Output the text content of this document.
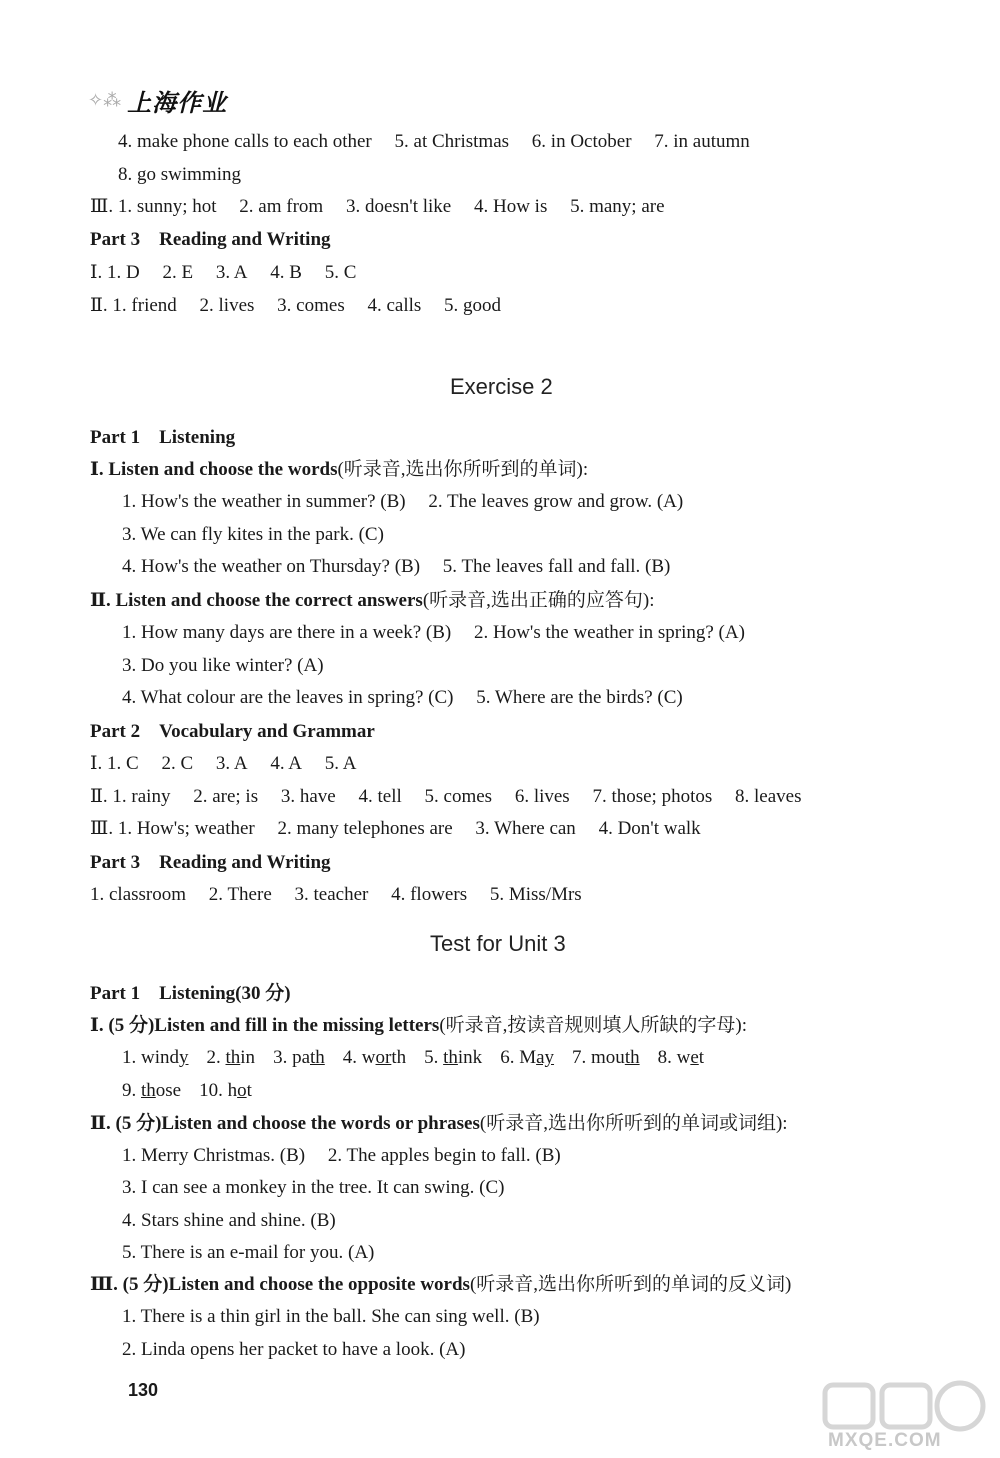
✧⁂ 上海作业
4. make phone calls to each other 5. at Christmas 6. in October 7. in autumn
8. go swimming
Ⅲ. 1. sunny; hot 2. am from 3. doesn't like 4. How is 5. many; are
Part 3　Reading and Writing
Ⅰ. 1. D 2. E 3. A 4. B 5. C
Ⅱ. 1. friend 2. lives 3. comes 4. calls 5. good
Exercise 2
Part 1　Listening
Ⅰ. Listen and choose the words(听录音,选出你所听到的单词):
1. How's the weather in summer? (B) 2. The leaves grow and grow. (A)
3. We can fly kites in the park. (C)
4. How's the weather on Thursday? (B) 5. The leaves fall and fall. (B)
Ⅱ. Listen and choose the correct answers(听录音,选出正确的应答句):
1. How many days are there in a week? (B) 2. How's the weather in spring? (A)
3. Do you like winter? (A)
4. What colour are the leaves in spring? (C) 5. Where are the birds? (C)
Part 2　Vocabulary and Grammar
Ⅰ. 1. C 2. C 3. A 4. A 5. A
Ⅱ. 1. rainy 2. are; is 3. have 4. tell 5. comes 6. lives 7. those; photos 8. leaves
Ⅲ. 1. How's; weather 2. many telephones are 3. Where can 4. Don't walk
Part 3　Reading and Writing
1. classroom 2. There 3. teacher 4. flowers 5. Miss/Mrs
Test for Unit 3
Part 1　Listening(30 分)
Ⅰ. (5 分)Listen and fill in the missing letters(听录音,按读音规则填人所缺的字母):
1. windy 2. thin 3. path 4. worth 5. think 6. May 7. mouth 8. wet
9. those 10. hot
Ⅱ. (5 分)Listen and choose the words or phrases(听录音,选出你所听到的单词或词组):
1. Merry Christmas. (B) 2. The apples begin to fall. (B)
3. I can see a monkey in the tree. It can swing. (C)
4. Stars shine and shine. (B)
5. There is an e-mail for you. (A)
Ⅲ. (5 分)Listen and choose the opposite words(听录音,选出你所听到的单词的反义词)
1. There is a thin girl in the ball. She can sing well. (B)
2. Linda opens her packet to have a look. (A)
130
MXQE.COM
